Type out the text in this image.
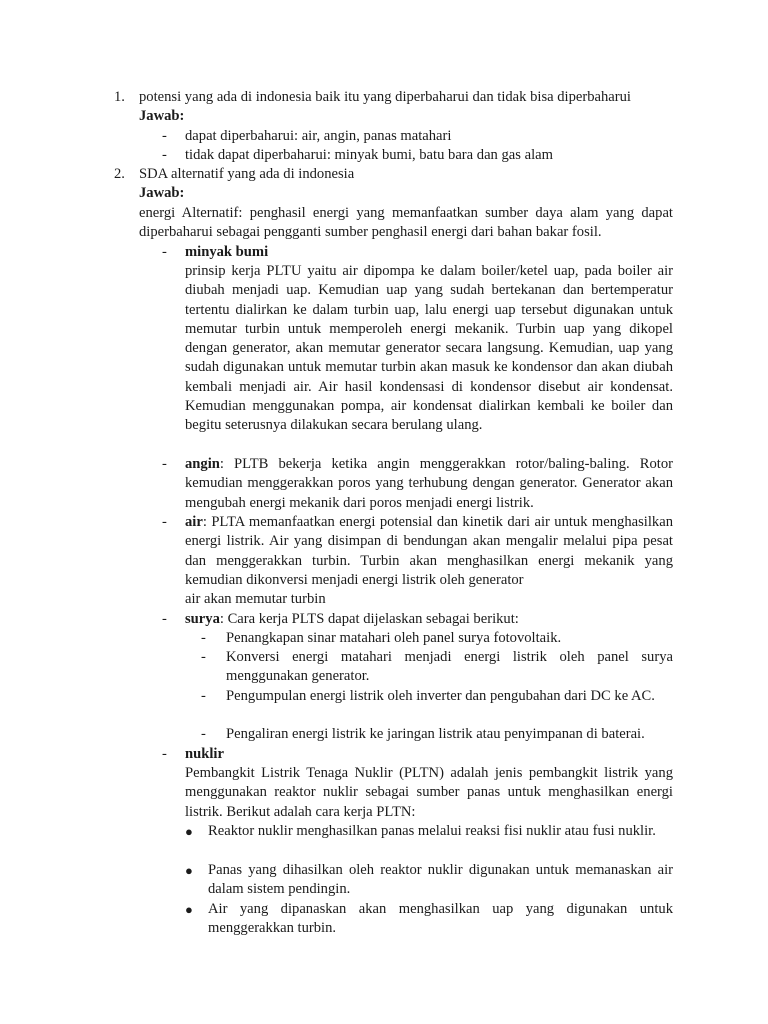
1. potensi yang ada di indonesia baik itu yang diperbaharui dan tidak bisa diperbaharui
Jawab:
-	dapat diperbaharui: air, angin, panas matahari
-	tidak dapat diperbaharui: minyak bumi, batu bara dan gas alam
2. SDA alternatif yang ada di indonesia
Jawab:
energi Alternatif: penghasil energi yang memanfaatkan sumber daya alam yang dapat diperbaharui sebagai pengganti sumber penghasil energi dari bahan bakar fosil.
-	minyak bumi
prinsip kerja PLTU yaitu air dipompa ke dalam boiler/ketel uap, pada boiler air diubah menjadi uap. Kemudian uap yang sudah bertekanan dan bertemperatur tertentu dialirkan ke dalam turbin uap, lalu energi uap tersebut digunakan untuk memutar turbin untuk memperoleh energi mekanik. Turbin uap yang dikopel dengan generator, akan memutar generator secara langsung. Kemudian, uap yang sudah digunakan untuk memutar turbin akan masuk ke kondensor dan akan diubah kembali menjadi air. Air hasil kondensasi di kondensor disebut air kondensat. Kemudian menggunakan pompa, air kondensat dialirkan kembali ke boiler dan begitu seterusnya dilakukan secara berulang ulang.
-	angin: PLTB bekerja ketika angin menggerakkan rotor/baling-baling. Rotor kemudian menggerakkan poros yang terhubung dengan generator. Generator akan mengubah energi mekanik dari poros menjadi energi listrik.
-	air: PLTA memanfaatkan energi potensial dan kinetik dari air untuk menghasilkan energi listrik. Air yang disimpan di bendungan akan mengalir melalui pipa pesat dan menggerakkan turbin. Turbin akan menghasilkan energi mekanik yang kemudian dikonversi menjadi energi listrik oleh generator
air akan memutar turbin
-	surya: Cara kerja PLTS dapat dijelaskan sebagai berikut:
-	Penangkapan sinar matahari oleh panel surya fotovoltaik.
-	Konversi energi matahari menjadi energi listrik oleh panel surya menggunakan generator.
-	Pengumpulan energi listrik oleh inverter dan pengubahan dari DC ke AC.
-	Pengaliran energi listrik ke jaringan listrik atau penyimpanan di baterai.
-	nuklir
Pembangkit Listrik Tenaga Nuklir (PLTN) adalah jenis pembangkit listrik yang menggunakan reaktor nuklir sebagai sumber panas untuk menghasilkan energi listrik. Berikut adalah cara kerja PLTN:
● Reaktor nuklir menghasilkan panas melalui reaksi fisi nuklir atau fusi nuklir.
● Panas yang dihasilkan oleh reaktor nuklir digunakan untuk memanaskan air dalam sistem pendingin.
● Air yang dipanaskan akan menghasilkan uap yang digunakan untuk menggerakkan turbin.
